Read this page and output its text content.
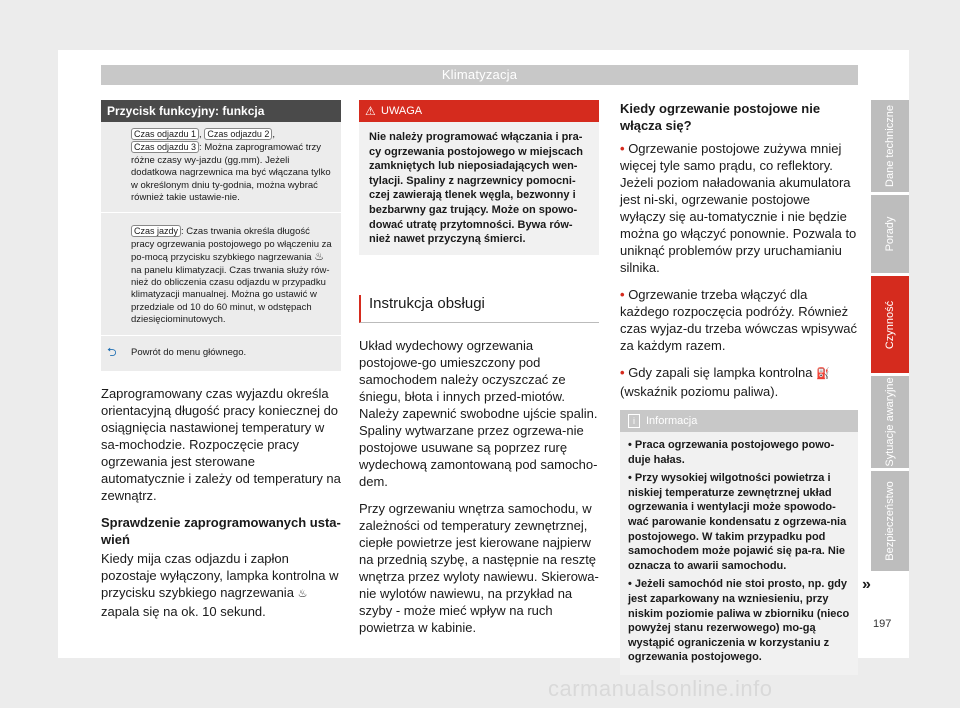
Klimatyzacja
Przycisk funkcyjny: funkcja
Czas odjazdu 1 , Czas odjazdu 2 , Czas odjazdu 3 : Można zaprogramować trzy różne czasy wy-jazdu (gg.mm). Jeżeli dodatkowa nagrzewnica ma być włączana tylko w określonym dniu ty-godnia, można wybrać również takie ustawie-nie.
Czas jazdy : Czas trwania określa długość pracy ogrzewania postojowego po włączeniu za po-mocą przycisku szybkiego nagrzewania ♨ na panelu klimatyzacji. Czas trwania służy rów-nież do obliczenia czasu odjazdu w przypadku klimatyzacji manualnej. Można go ustawić w przedziale od 10 do 60 minut, w odstępach dziesięciominutowych.
⮌ Powrót do menu głównego.

Zaprogramowany czas wyjazdu określa orientacyjną długość pracy koniecznej do osiągnięcia nastawionej temperatury w sa-mochodzie. Rozpoczęcie pracy ogrzewania jest sterowane automatycznie i zależy od temperatury na zewnątrz.

Sprawdzenie zaprogramowanych usta-wień

Kiedy mija czas odjazdu i zapłon pozostaje wyłączony, lampka kontrolna w przycisku szybkiego nagrzewania ♨ zapala się na ok. 10 sekund.

⚠ UWAGA
Nie należy programować włączania i pra-cy ogrzewania postojowego w miejscach zamkniętych lub nieposiadających wen-tylacji. Spaliny z nagrzewnicy pomocni-czej zawierają tlenek węgla, bezwonny i bezbarwny gaz trujący. Może on spowo-dować utratę przytomności. Bywa rów-nież nawet przyczyną śmierci.
Instrukcja obsługi

Układ wydechowy ogrzewania postojowe-go umieszczony pod samochodem należy oczyszczać ze śniegu, błota i innych przed-miotów. Należy zapewnić swobodne ujście spalin. Spaliny wytwarzane przez ogrzewa-nie postojowe usuwane są poprzez rurę wydechową zamontowaną pod samocho-dem.

Przy ogrzewaniu wnętrza samochodu, w zależności od temperatury zewnętrznej, ciepłe powietrze jest kierowane najpierw na przednią szybę, a następnie na resztę wnętrza przez wyloty nawiewu. Skierowa-nie wylotów nawiewu, na przykład na szyby - może mieć wpływ na ruch powietrza w kabinie.

Kiedy ogrzewanie postojowe nie włącza się?

• Ogrzewanie postojowe zużywa mniej więcej tyle samo prądu, co reflektory. Jeżeli poziom naładowania akumulatora jest ni-ski, ogrzewanie postojowe wyłączy się au-tomatycznie i nie będzie można go włączyć ponownie. Pozwala to uniknąć problemów przy uruchamianiu silnika.

• Ogrzewanie trzeba włączyć dla każdego rozpoczęcia podróży. Również czas wyjaz-du trzeba wówczas wpisywać za każdym razem.

• Gdy zapali się lampka kontrolna ⛽ (wskaźnik poziomu paliwa).

i	Informacja
• Praca ogrzewania postojowego powo-duje hałas.
• Przy wysokiej wilgotności powietrza i niskiej temperaturze zewnętrznej układ ogrzewania i wentylacji może spowodo-wać parowanie kondensatu z ogrzewa-nia postojowego. W takim przypadku pod samochodem może pojawić się pa-ra. Nie oznacza to awarii samochodu.
• Jeżeli samochód nie stoi prosto, np. gdy jest zaparkowany na wzniesieniu, przy niskim poziomie paliwa w zbiorniku (nieco powyżej stanu rezerwowego) mo-gą wystąpić ograniczenia w korzystaniu z ogrzewania postojowego.
Dane techniczne
Porady
Czynność
Sytuacje awaryjne
Bezpieczeństwo
»
197
carmanualsonline.info
